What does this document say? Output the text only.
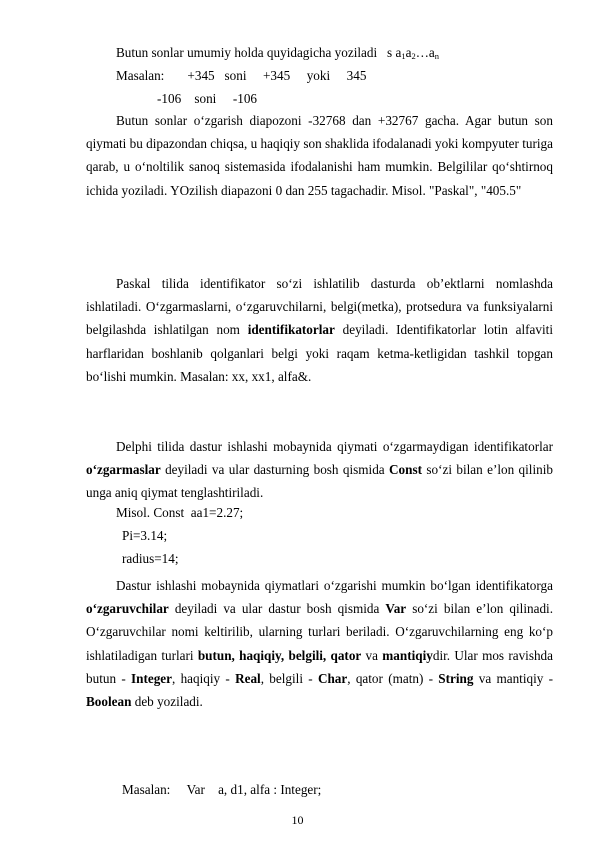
Butun sonlar umumiy holda quyidagicha yoziladi   s $a_1a_2\dots a_n$
Masalan:       +345   soni     +345     yoki     345
-106    soni     -106

Butun sonlar o‘zgarish diapozoni -32768 dan +32767 gacha. Agar butun son qiymati bu dipazondan chiqsa, u haqiqiy son shaklida ifodalanadi yoki kompyuter turiga qarab, u o‘noltilik sanoq sistemasida ifodalanishi ham mumkin. Belgililar qo‘shtirnoq ichida yoziladi. YOzilish diapazoni 0 dan 255 tagachadir. Misol. "Paskal", "405.5"

Paskal tilida identifikator so‘zi ishlatilib dasturda ob’ektlarni nomlashda ishlatiladi. O‘zgarmaslarni, o‘zgaruvchilarni, belgi(metka), protsedura va funksiyalarni belgilashda ishlatilgan nom identifikatorlar deyiladi. Identifikatorlar lotin alfaviti harflaridan boshlanib qolganlari belgi yoki raqam ketma-ketligidan tashkil topgan bo‘lishi mumkin. Masalan: xx, xx1, alfa&.

Delphi tilida dastur ishlashi mobaynida qiymati o‘zgarmaydigan identifikatorlar o‘zgarmaslar deyiladi va ular dasturning bosh qismida Const so‘zi bilan e’lon qilinib unga aniq qiymat tenglashtiriladi.

Misol. Const  aa1=2.27;
Pi=3.14;
radius=14;

Dastur ishlashi mobaynida qiymatlari o‘zgarishi mumkin bo‘lgan identifikatorga o‘zgaruvchilar deyiladi va ular dastur bosh qismida Var so‘zi bilan e’lon qilinadi. O‘zgaruvchilar nomi keltirilib, ularning turlari beriladi. O‘zgaruvchilarning eng ko‘p ishlatiladigan turlari butun, haqiqiy, belgili, qator va mantiqiydir. Ular mos ravishda butun - Integer, haqiqiy - Real, belgili - Char, qator (matn) - String va mantiqiy - Boolean deb yoziladi.

Masalan:     Var    a, d1, alfa : Integer;
10
